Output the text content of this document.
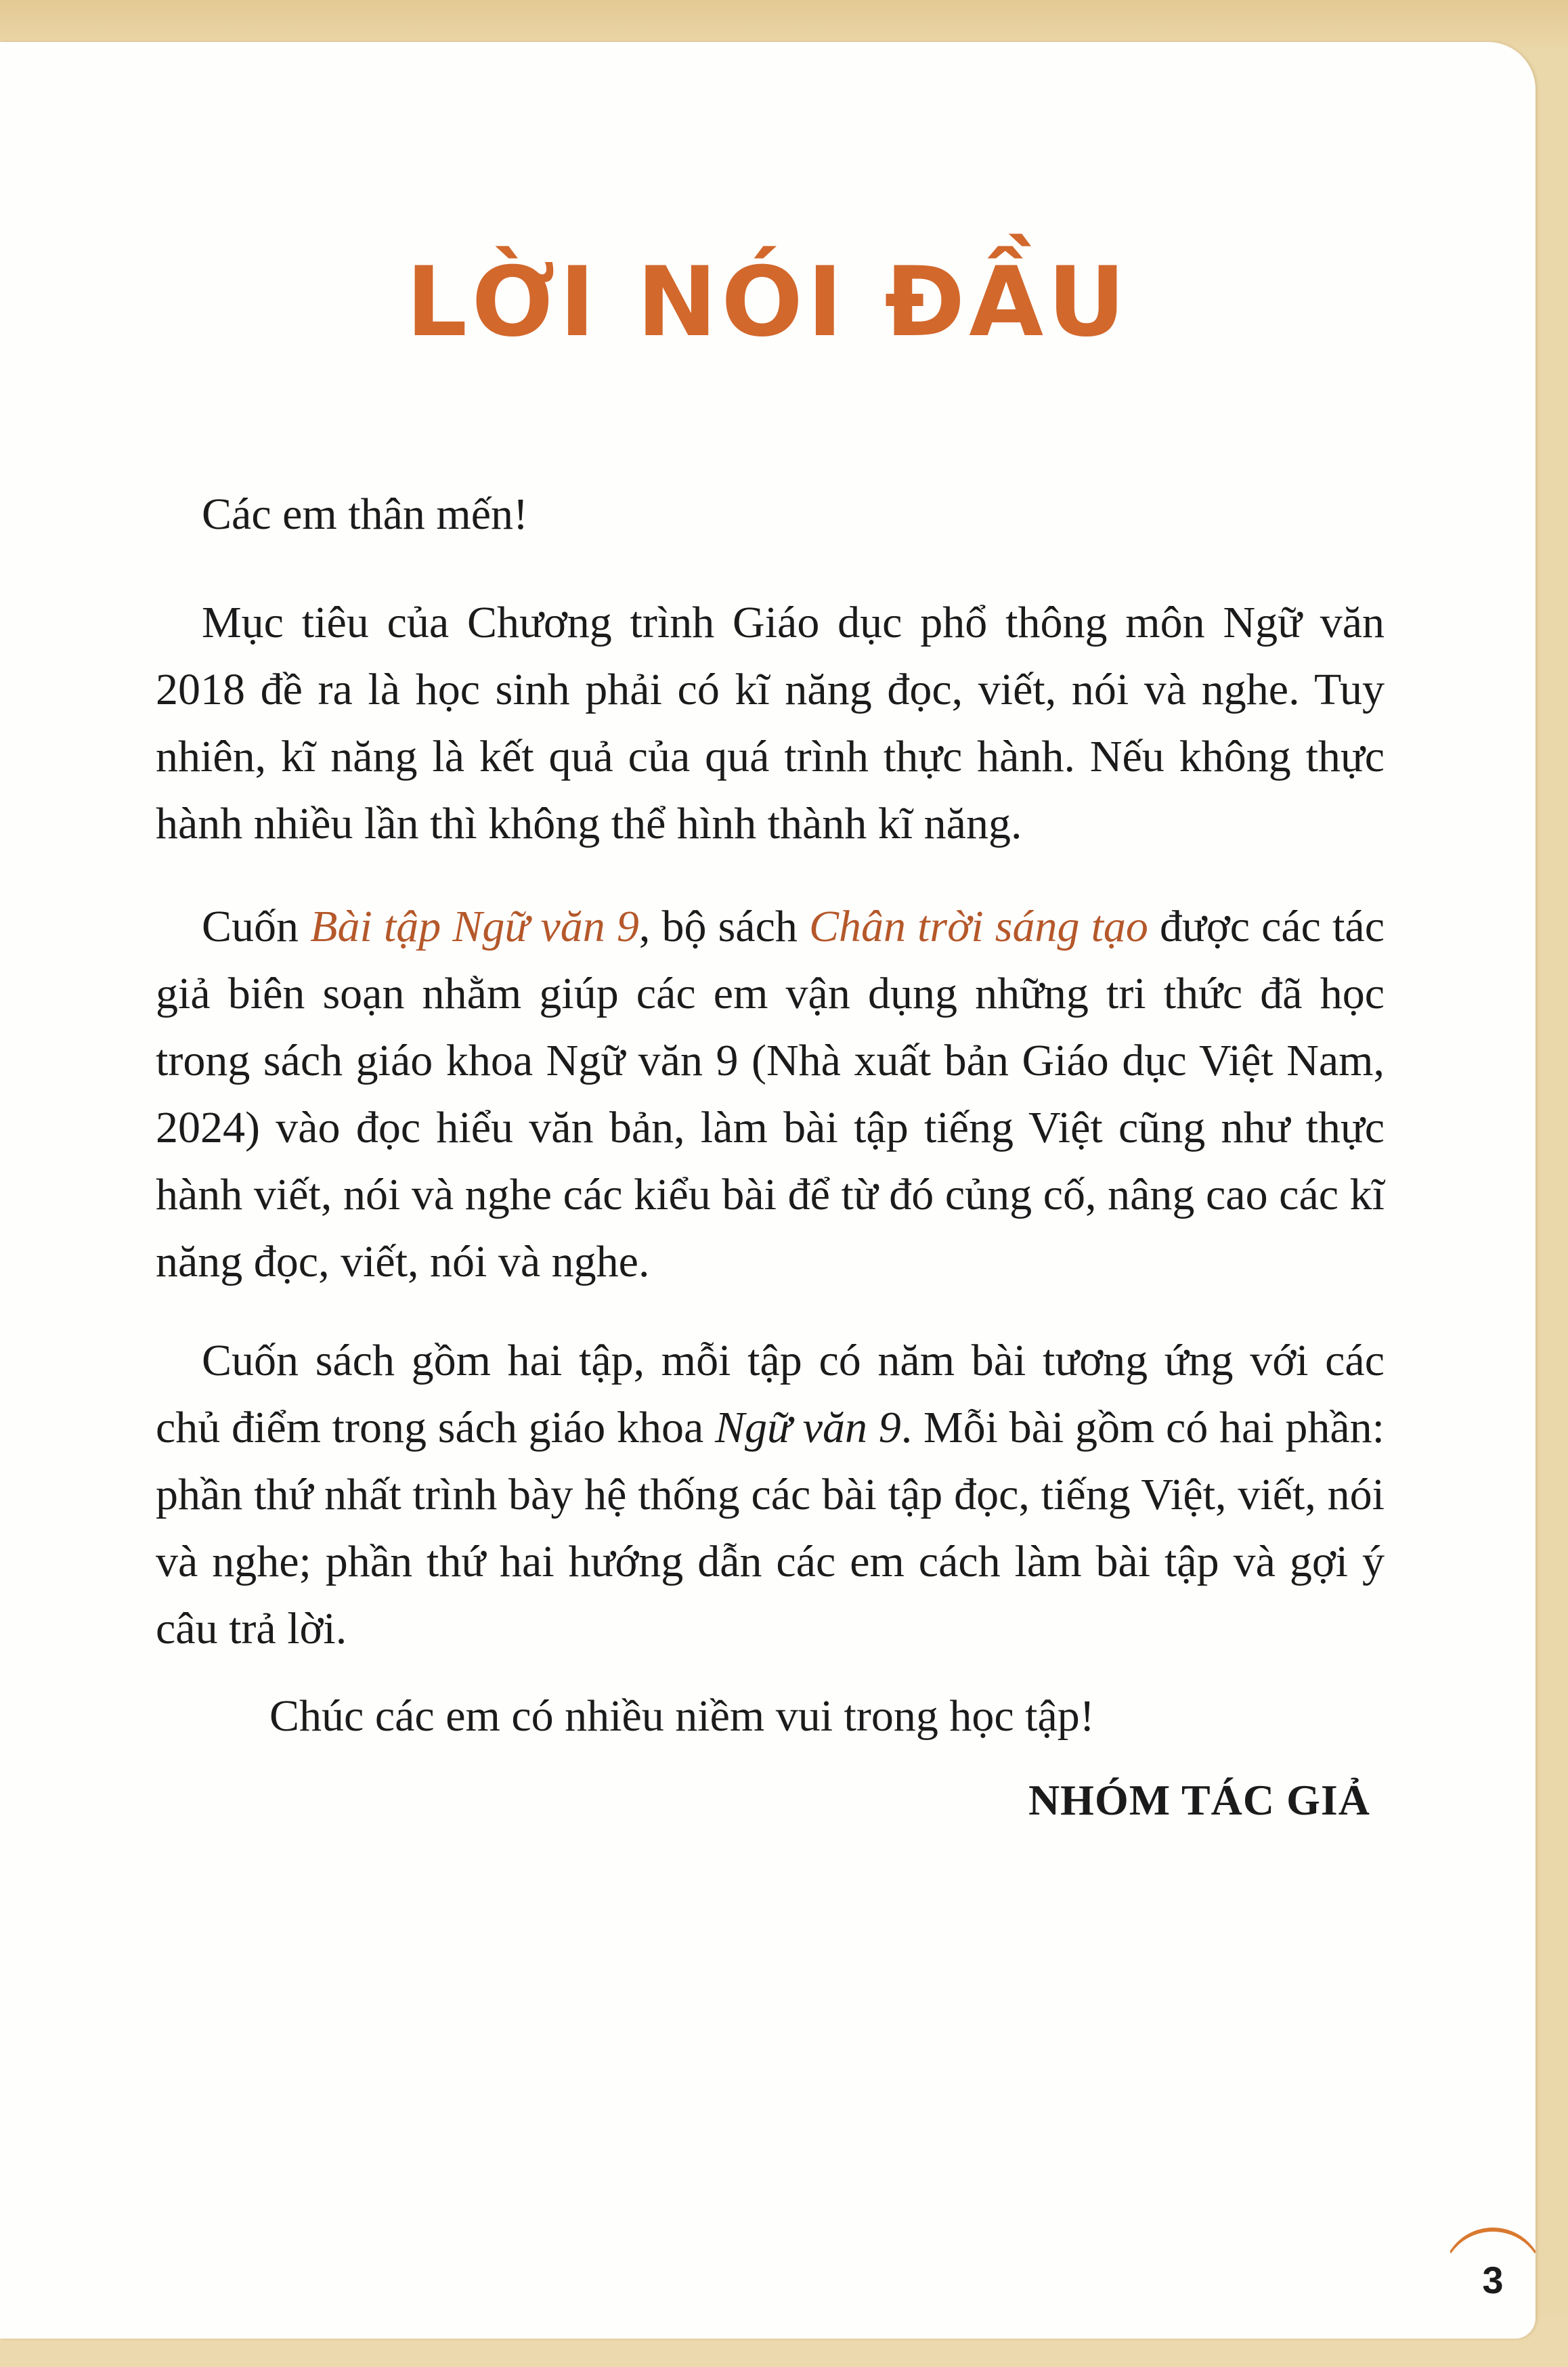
LỜI NÓI ĐẦU

Các em thân mến!

Mục tiêu của Chương trình Giáo dục phổ thông môn Ngữ văn 2018 đề ra là học sinh phải có kĩ năng đọc, viết, nói và nghe. Tuy nhiên, kĩ năng là kết quả của quá trình thực hành. Nếu không thực hành nhiều lần thì không thể hình thành kĩ năng.

Cuốn Bài tập Ngữ văn 9, bộ sách Chân trời sáng tạo được các tác giả biên soạn nhằm giúp các em vận dụng những tri thức đã học trong sách giáo khoa Ngữ văn 9 (Nhà xuất bản Giáo dục Việt Nam, 2024) vào đọc hiểu văn bản, làm bài tập tiếng Việt cũng như thực hành viết, nói và nghe các kiểu bài để từ đó củng cố, nâng cao các kĩ năng đọc, viết, nói và nghe.

Cuốn sách gồm hai tập, mỗi tập có năm bài tương ứng với các chủ điểm trong sách giáo khoa Ngữ văn 9. Mỗi bài gồm có hai phần: phần thứ nhất trình bày hệ thống các bài tập đọc, tiếng Việt, viết, nói và nghe; phần thứ hai hướng dẫn các em cách làm bài tập và gợi ý câu trả lời.

Chúc các em có nhiều niềm vui trong học tập!

NHÓM TÁC GIẢ

3
